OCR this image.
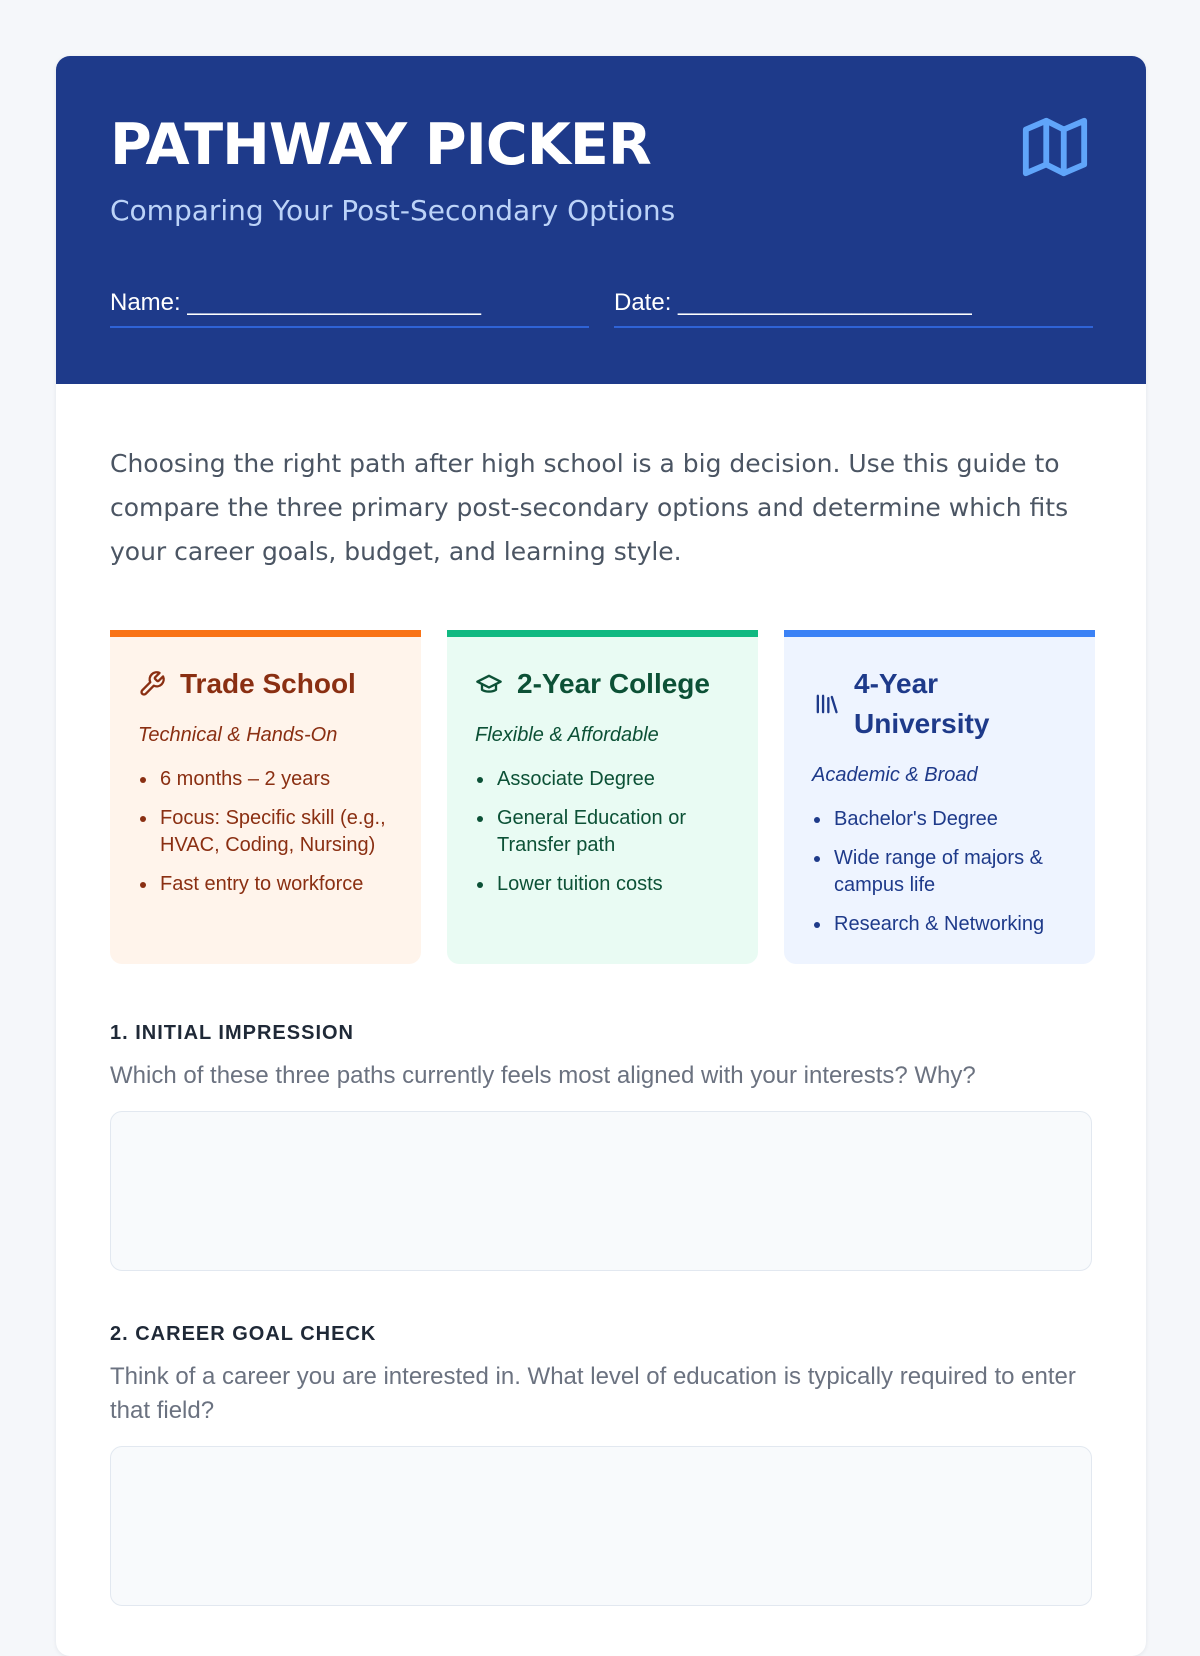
PATHWAY PICKER
Comparing Your Post-Secondary Options
Name: ______________________	Date: ______________________

Choosing the right path after high school is a big decision. Use this guide to compare the three primary post-secondary options and determine which fits your career goals, budget, and learning style.

Trade School
Technical & Hands-On
6 months – 2 years
Focus: Specific skill (e.g., HVAC, Coding, Nursing)
Fast entry to workforce
2-Year College
Flexible & Affordable
Associate Degree
General Education or Transfer path
Lower tuition costs
4-Year University
Academic & Broad
Bachelor's Degree
Wide range of majors & campus life
Research & Networking
1. INITIAL IMPRESSION
Which of these three paths currently feels most aligned with your interests? Why?
2. CAREER GOAL CHECK
Think of a career you are interested in. What level of education is typically required to enter that field?
